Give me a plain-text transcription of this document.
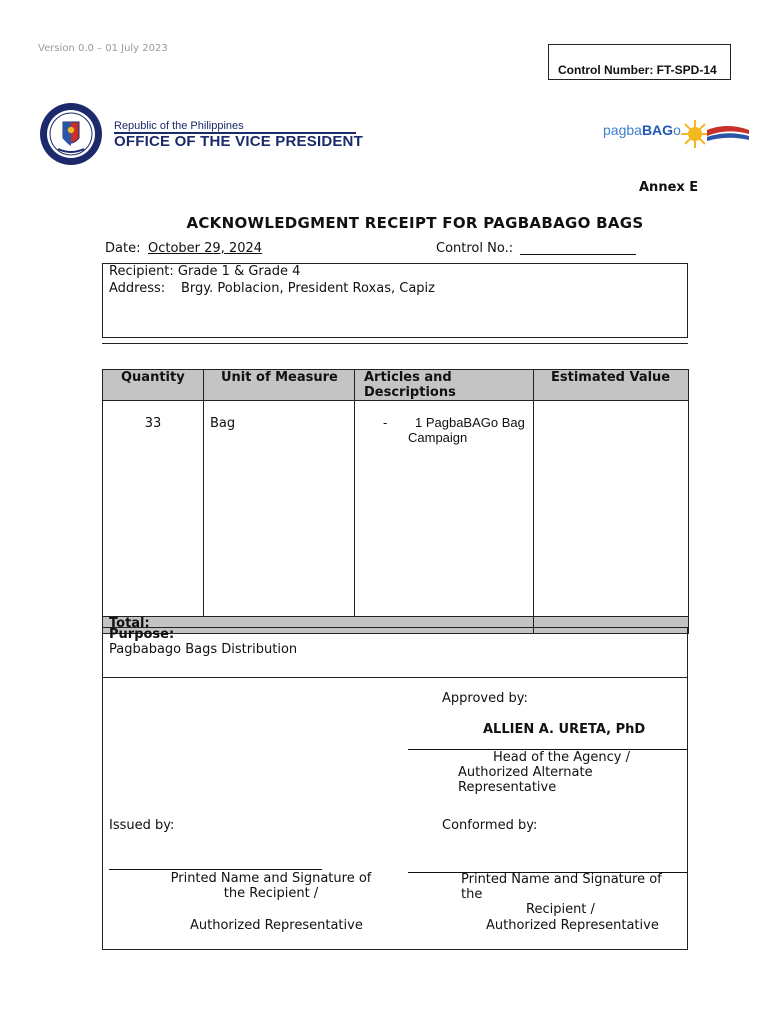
Version 0.0 – 01 July 2023
Control Number: FT-SPD-14
Republic of the Philippines
OFFICE OF THE VICE PRESIDENT
pagbaBAGo
Annex E
ACKNOWLEDGMENT RECEIPT FOR PAGBABAGO BAGS
Date: October 29, 2024	Control No.:
Recipient: Grade 1 & Grade 4
Address: Brgy. Poblacion, President Roxas, Capiz
Quantity	Unit of Measure	Articles and Descriptions	Estimated Value

33	Bag	- 1 PagbaBAGo Bag
Campaign	

Total:			

Purpose:
Pagbabago Bags Distribution
Approved by:
ALLIEN A. URETA, PhD
Head of the Agency /
Authorized Alternate
Representative
Issued by:	Conformed by:
Printed Name and Signature of
the Recipient /
Authorized Representative
Printed Name and Signature of
the
Recipient /
Authorized Representative
